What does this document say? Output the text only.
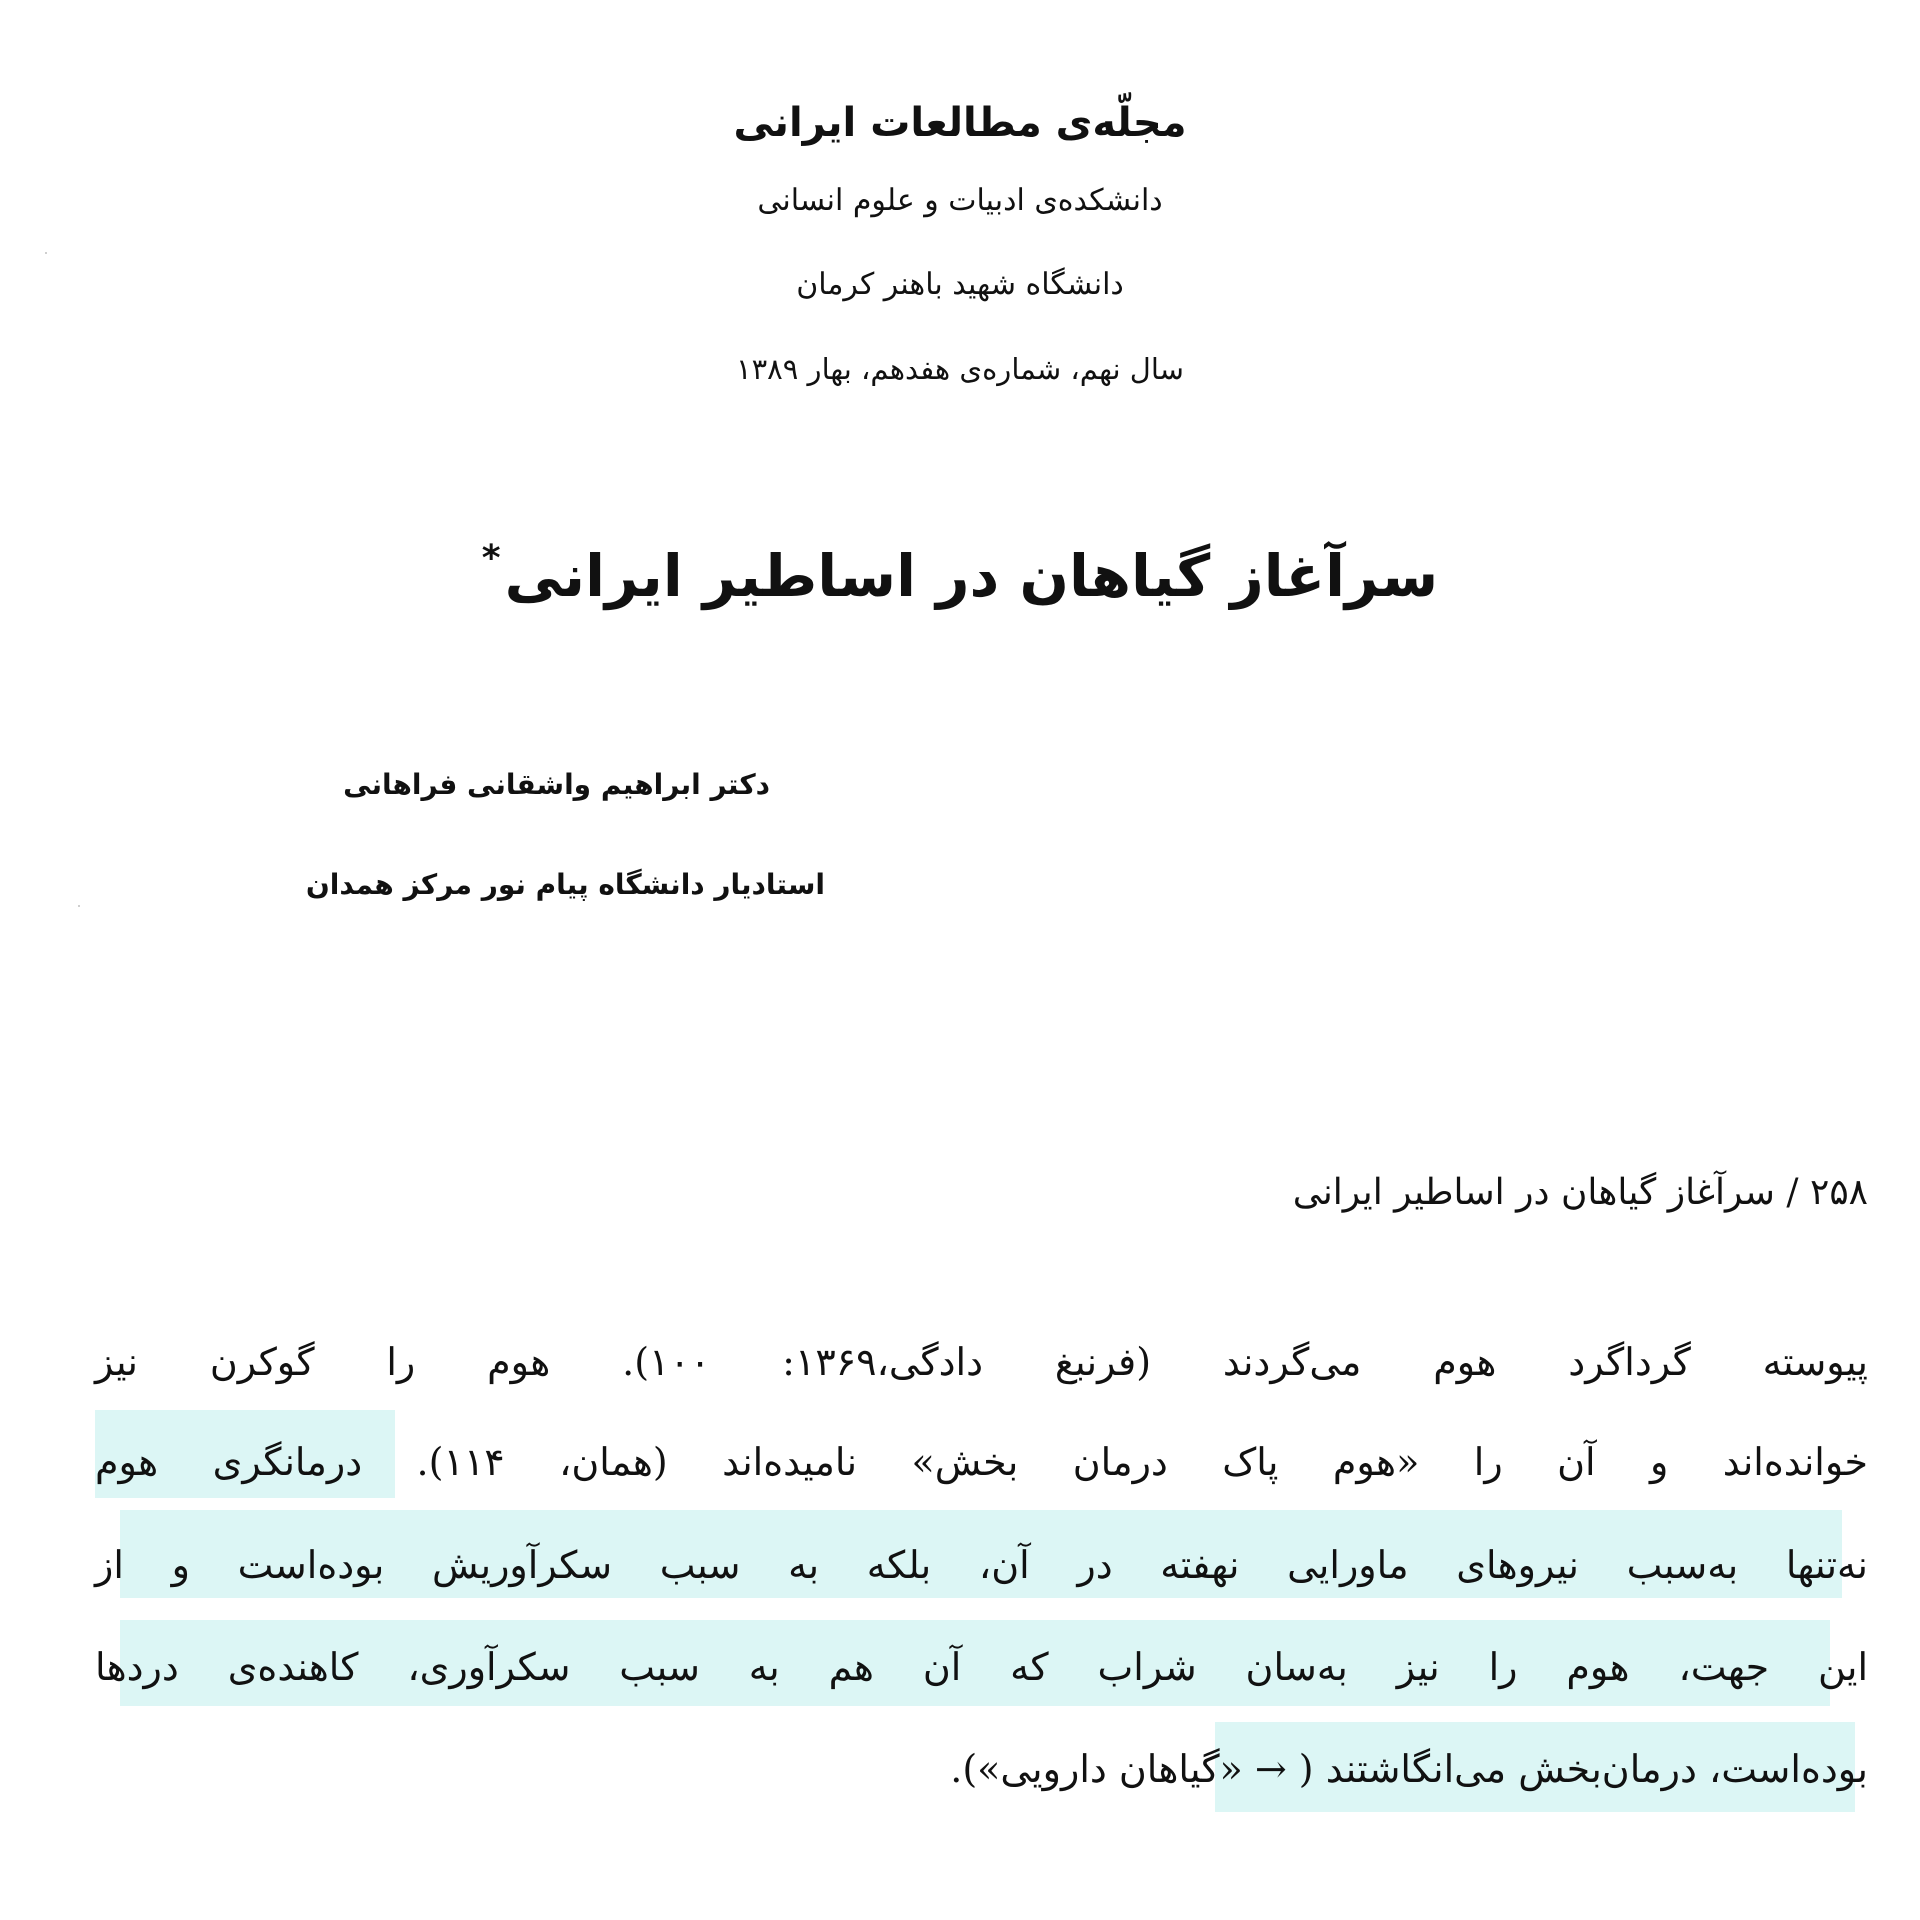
مجلّه‌ی مطالعات ایرانی
دانشکده‌ی ادبیات و علوم انسانی
دانشگاه شهید باهنر کرمان
سال نهم، شماره‌ی هفدهم، بهار ۱۳۸۹
سرآغاز گیاهان در اساطیر ایرانی*
دکتر ابراهیم واشقانی فراهانی
استادیار دانشگاه پیام نور مرکز همدان
۲۵۸ / سرآغاز گیاهان در اساطیر ایرانی
پیوسته گرداگرد هوم می‌گردند (فرنبغ دادگی،۱۳۶۹: ۱۰۰). هوم را گوکرن نیز
خوانده‌اند و آن را «هوم پاک درمان بخش» نامیده‌اند (همان، ۱۱۴). درمانگری هوم
نه‌تنها به‌سبب نیروهای ماورایی نهفته در آن، بلکه به سبب سکرآوریش بوده‌است و از
این جهت، هوم را نیز به‌سان شراب که آن هم به سبب سکرآوری، کاهنده‌ی دردها
بوده‌است، درمان‌بخش می‌انگاشتند ( → «گیاهان دارویی»).
